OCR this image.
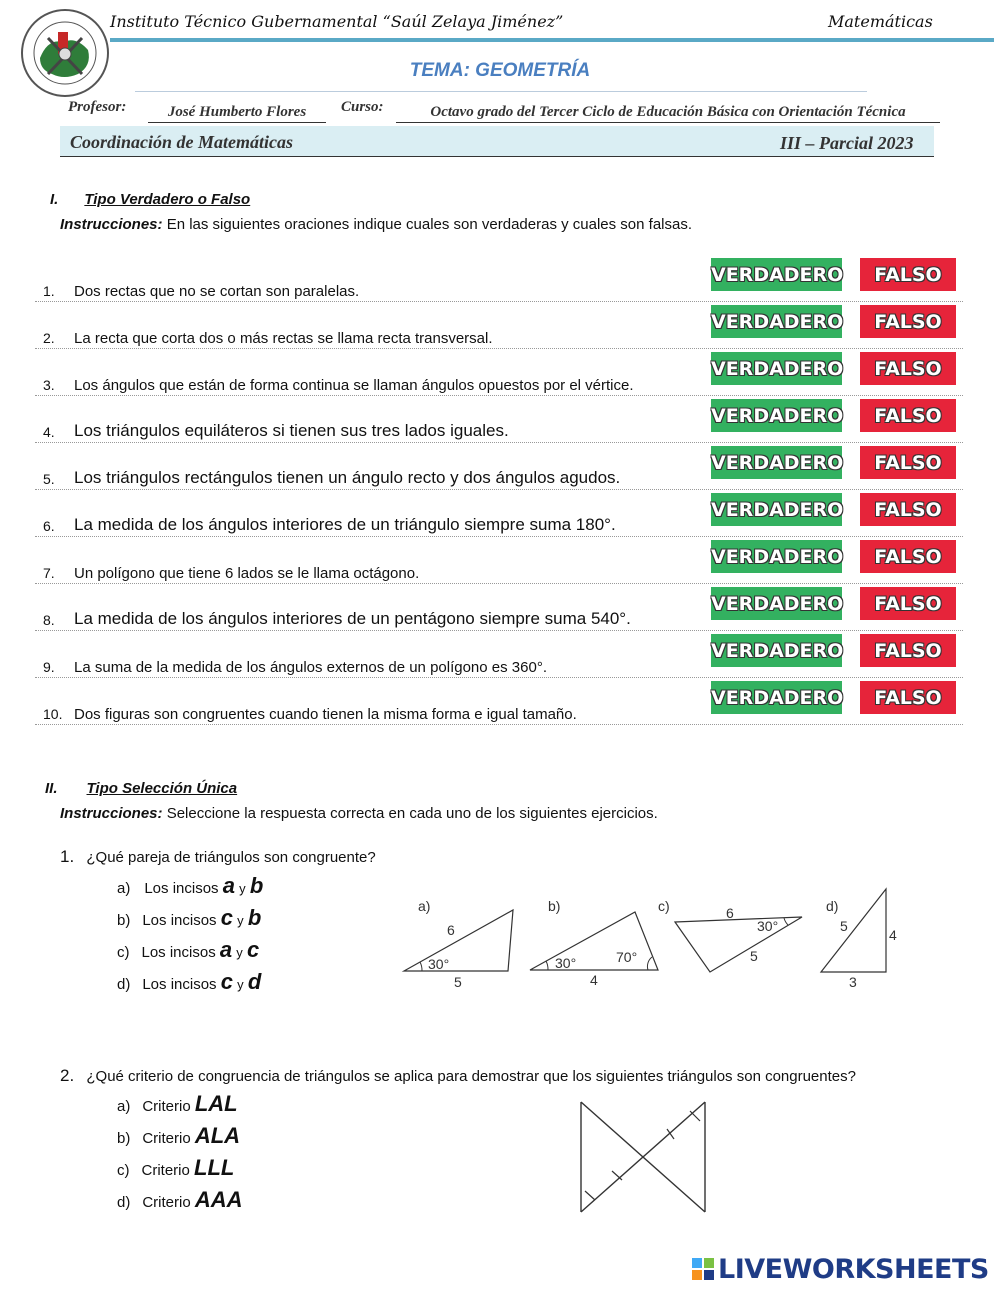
Instituto Técnico Gubernamental “Saúl Zelaya Jiménez”	Matemáticas
TEMA: GEOMETRÍA
Profesor:	José Humberto Flores	Curso:	Octavo grado del Tercer Ciclo de Educación Básica con Orientación Técnica
Coordinación de Matemáticas	III – Parcial 2023
I. Tipo Verdadero o Falso
Instrucciones: En las siguientes oraciones indique cuales son verdaderas y cuales son falsas.
1. Dos rectas que no se cortan son paralelas.
VERDADERO	FALSO
2. La recta que corta dos o más rectas se llama recta transversal.
VERDADERO	FALSO
3. Los ángulos que están de forma continua se llaman ángulos opuestos por el vértice.
VERDADERO	FALSO
4. Los triángulos equiláteros si tienen sus tres lados iguales.
VERDADERO	FALSO
5. Los triángulos rectángulos tienen un ángulo recto y dos ángulos agudos.
VERDADERO	FALSO
6. La medida de los ángulos interiores de un triángulo siempre suma 180°.
VERDADERO	FALSO
7. Un polígono que tiene 6 lados se le llama octágono.
VERDADERO	FALSO
8. La medida de los ángulos interiores de un pentágono siempre suma 540°.
VERDADERO	FALSO
9. La suma de la medida de los ángulos externos de un polígono es 360°.
VERDADERO	FALSO
10. Dos figuras son congruentes cuando tienen la misma forma e igual tamaño.
VERDADERO	FALSO
II. Tipo Selección Única
Instrucciones: Seleccione la respuesta correcta en cada uno de los siguientes ejercicios.
1. ¿Qué pareja de triángulos son congruente?
a) Los incisos a y b
b) Los incisos c y b
c) Los incisos a y c
d) Los incisos c y d
a)
6
5
30°
b)
30°	70°
4
c)	6
5
30°
d)
5
4
3
2. ¿Qué criterio de congruencia de triángulos se aplica para demostrar que los siguientes triángulos son congruentes?
a) Criterio LAL
b) Criterio ALA
c) Criterio LLL
d) Criterio AAA
LIVEWORKSHEETS
